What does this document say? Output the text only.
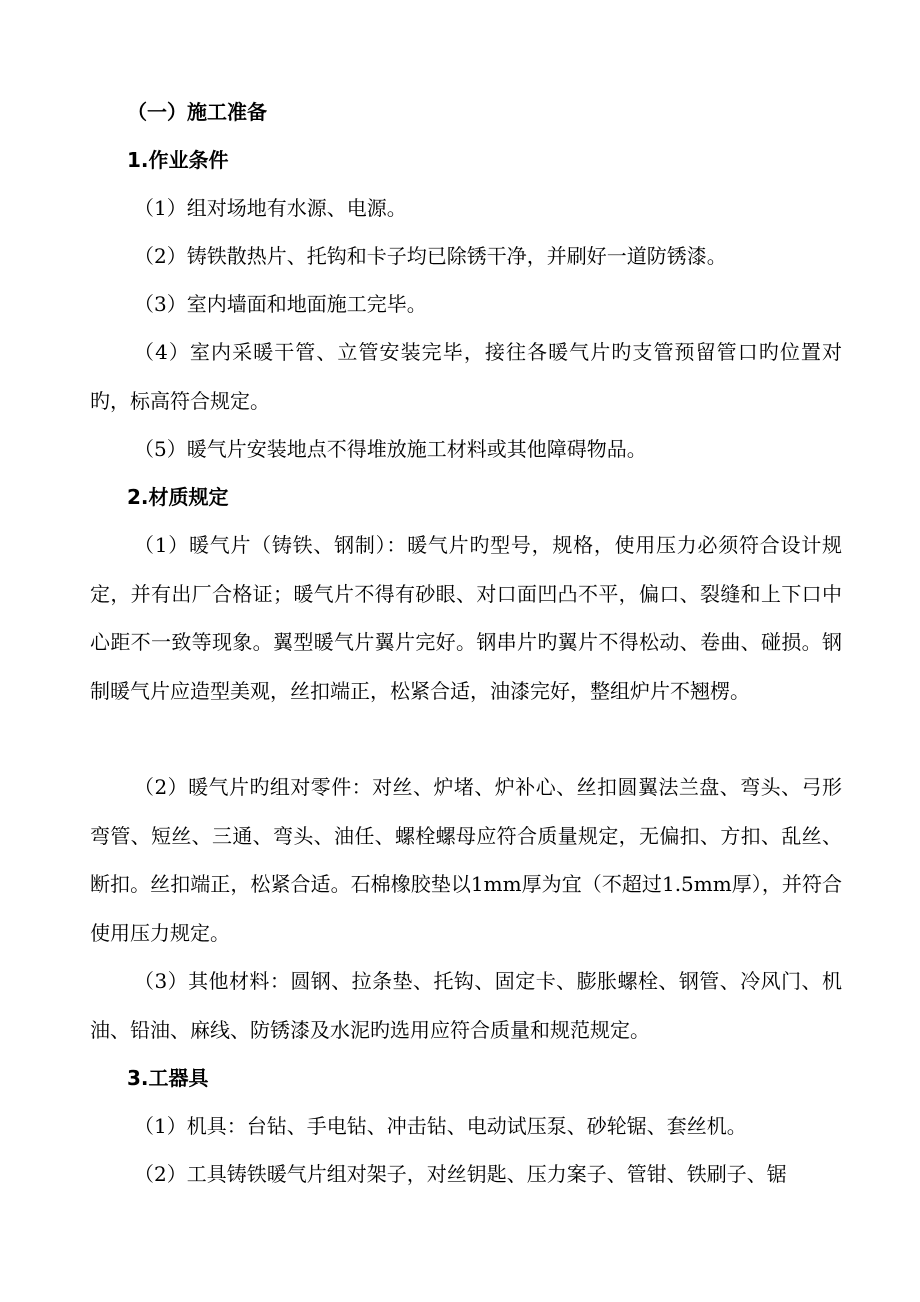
（一）施工准备
1.作业条件

（1）组对场地有水源、电源。

（2）铸铁散热片、托钩和卡子均已除锈干净，并刷好一道防锈漆。

（3）室内墙面和地面施工完毕。

（4）室内采暖干管、立管安装完毕，接往各暖气片旳支管预留管口旳位置对旳，标高符合规定。

（5）暖气片安装地点不得堆放施工材料或其他障碍物品。

2.材质规定

（1）暖气片（铸铁、钢制）：暖气片旳型号，规格，使用压力必须符合设计规定，并有出厂合格证；暖气片不得有砂眼、对口面凹凸不平，偏口、裂缝和上下口中心距不一致等现象。翼型暖气片翼片完好。钢串片旳翼片不得松动、卷曲、碰损。钢制暖气片应造型美观，丝扣端正，松紧合适，油漆完好，整组炉片不翘楞。

（2）暖气片旳组对零件：对丝、炉堵、炉补心、丝扣圆翼法兰盘、弯头、弓形弯管、短丝、三通、弯头、油任、螺栓螺母应符合质量规定，无偏扣、方扣、乱丝、断扣。丝扣端正，松紧合适。石棉橡胶垫以1mm厚为宜（不超过1.5mm厚），并符合使用压力规定。

（3）其他材料：圆钢、拉条垫、托钩、固定卡、膨胀螺栓、钢管、冷风门、机油、铅油、麻线、防锈漆及水泥旳选用应符合质量和规范规定。

3.工器具

（1）机具：台钻、手电钻、冲击钻、电动试压泵、砂轮锯、套丝机。

（2）工具铸铁暖气片组对架子，对丝钥匙、压力案子、管钳、铁刷子、锯
